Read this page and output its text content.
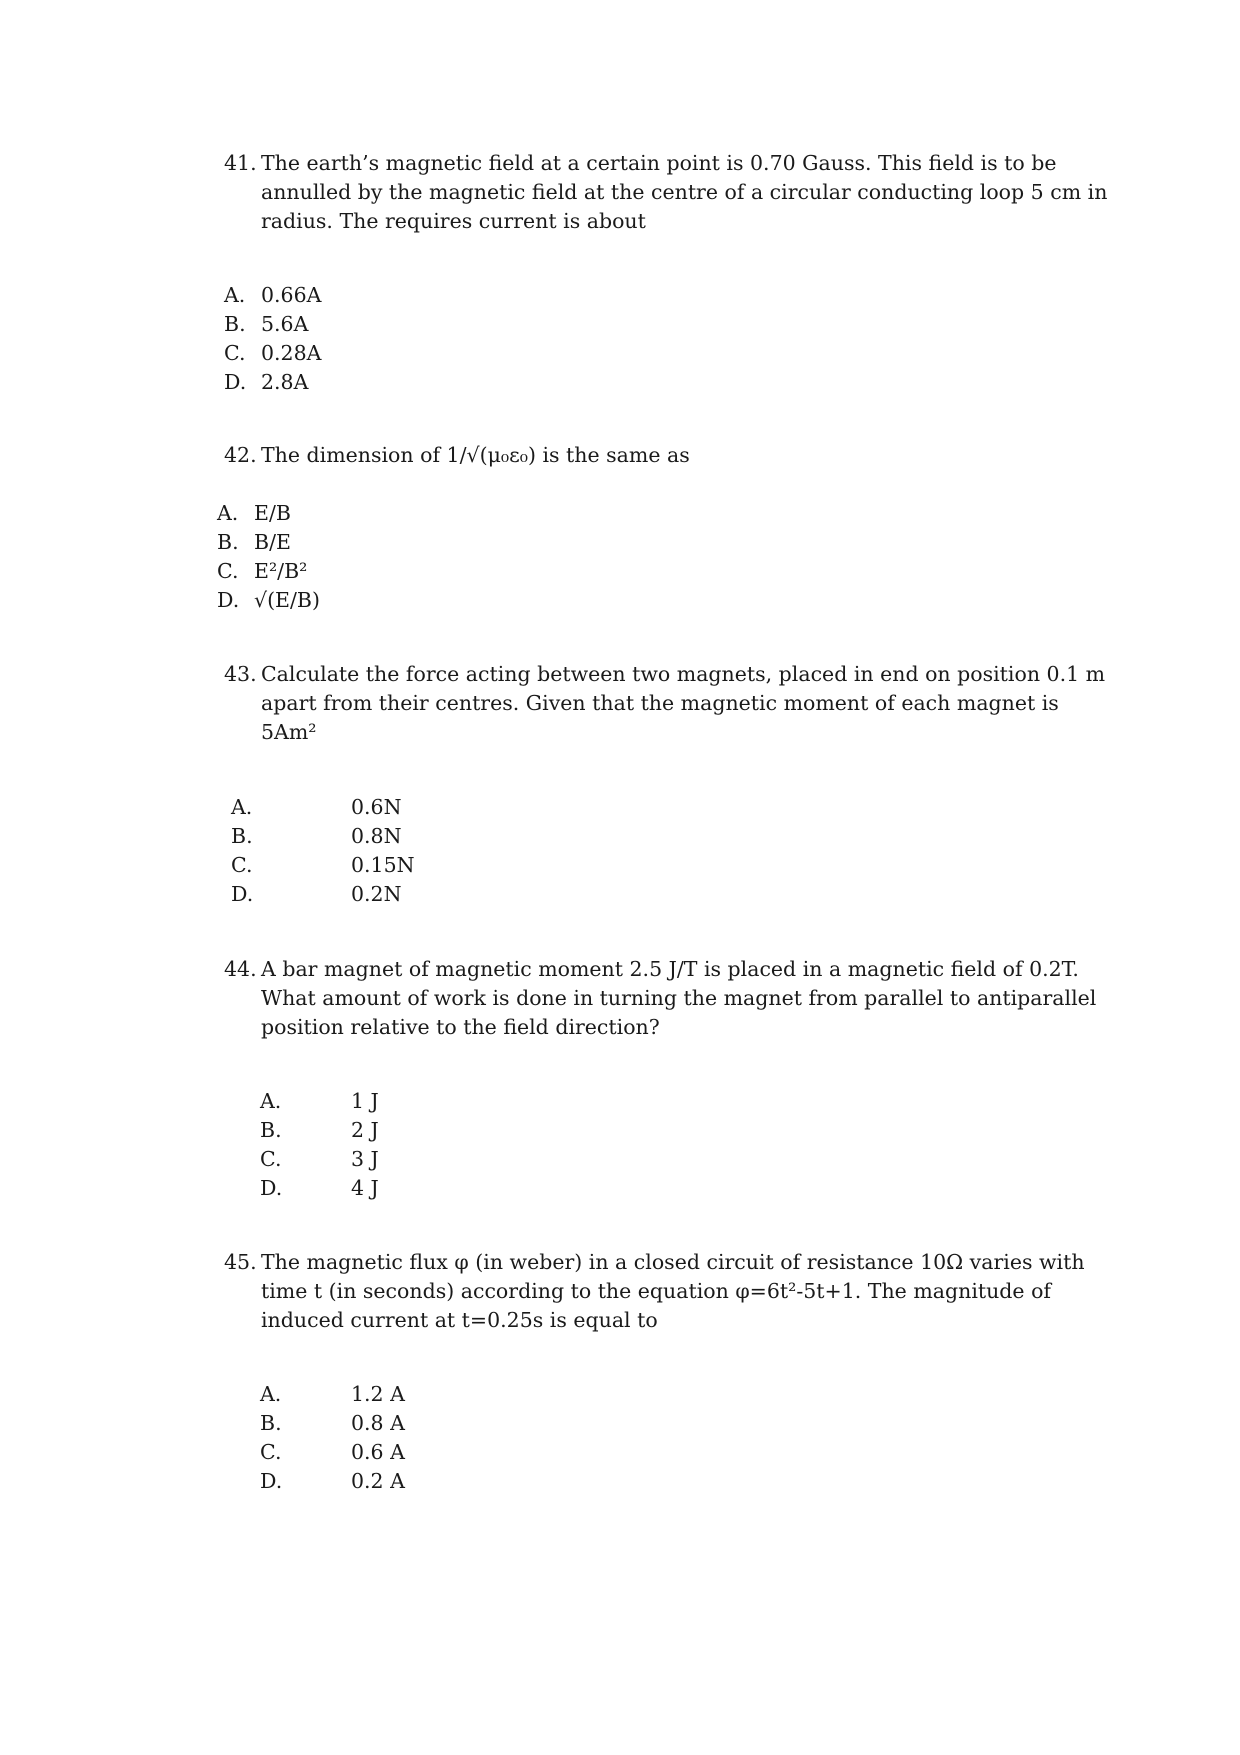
41. The earth’s magnetic field at a certain point is 0.70 Gauss. This field is to be
annulled by the magnetic field at the centre of a circular conducting loop 5 cm in
radius. The requires current is about
A. 0.66A
B. 5.6A
C. 0.28A
D. 2.8A
42. The dimension of 1/√(μ₀ε₀) is the same as
A. E/B
B. B/E
C. E²/B²
D. √(E/B)
43. Calculate the force acting between two magnets, placed in end on position 0.1 m
apart from their centres. Given that the magnetic moment of each magnet is
5Am²
A.	0.6N
B.	0.8N
C.	0.15N
D.	0.2N
44. A bar magnet of magnetic moment 2.5 J/T is placed in a magnetic field of 0.2T.
What amount of work is done in turning the magnet from parallel to antiparallel
position relative to the field direction?
A.	1 J
B.	2 J
C.	3 J
D.	4 J
45. The magnetic flux φ (in weber) in a closed circuit of resistance 10Ω varies with
time t (in seconds) according to the equation φ=6t²-5t+1. The magnitude of
induced current at t=0.25s is equal to
A.	1.2 A
B.	0.8 A
C.	0.6 A
D.	0.2 A
